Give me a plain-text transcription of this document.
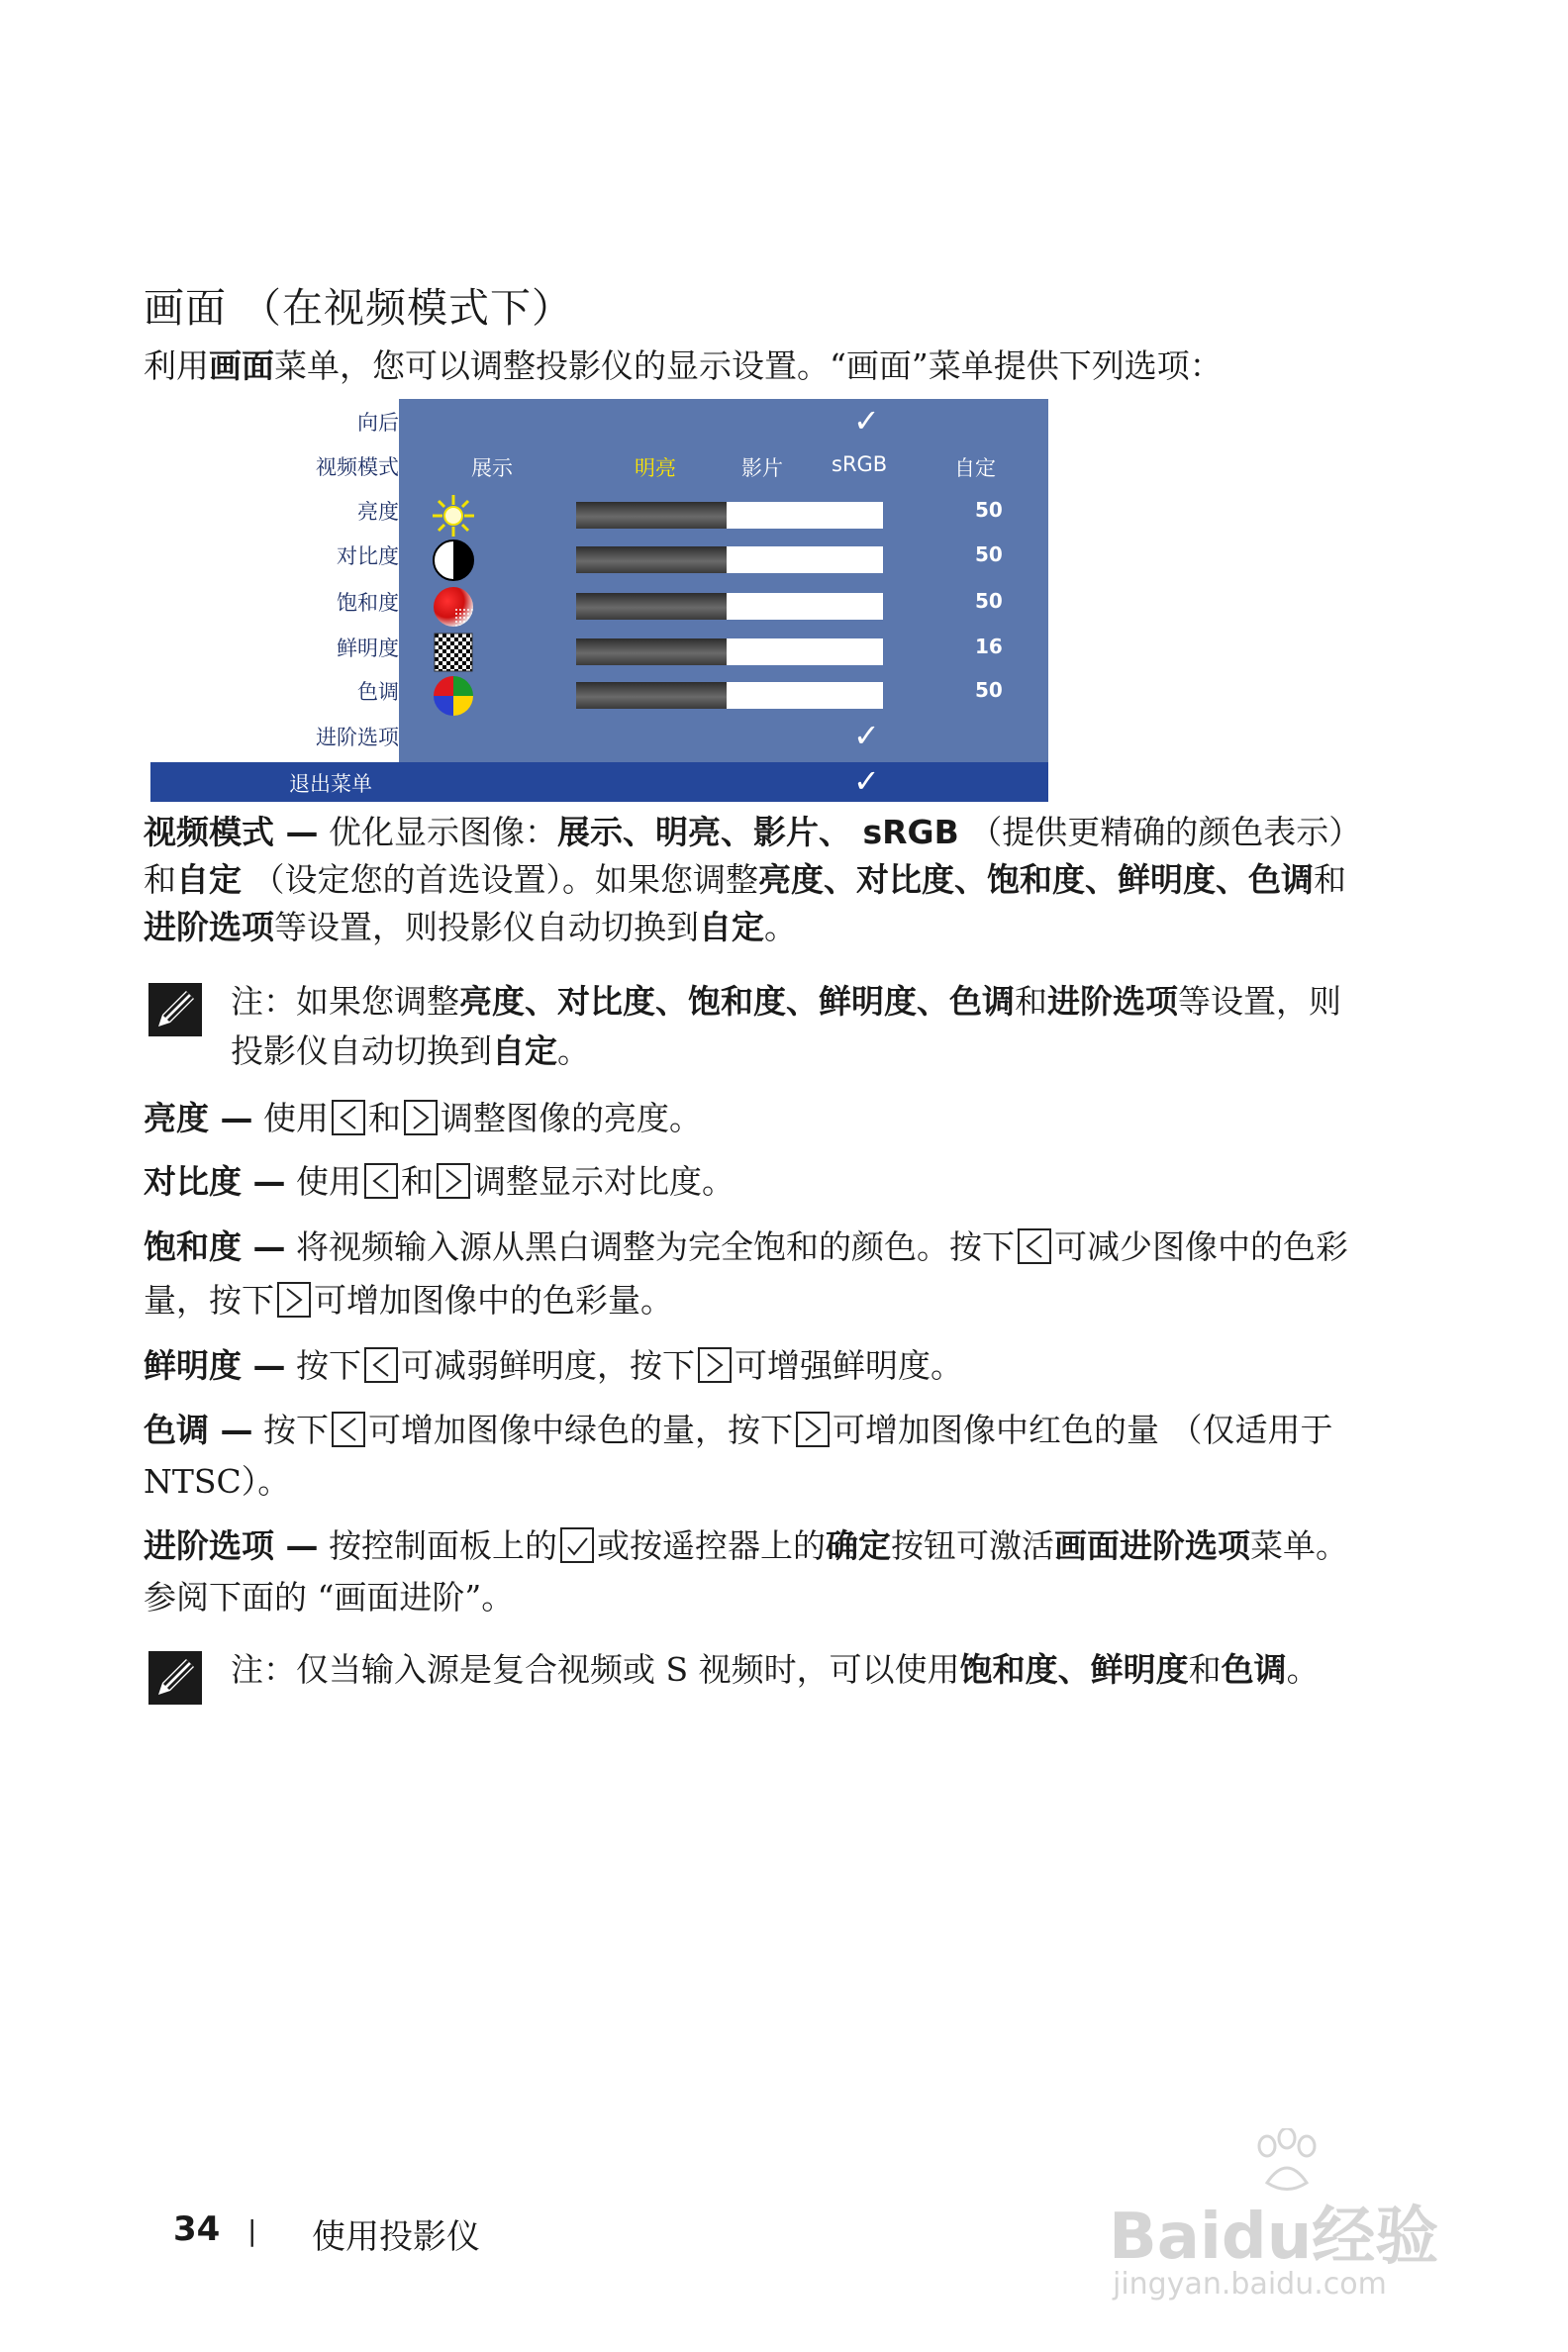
画面 （在视频模式下）

利用画面菜单，您可以调整投影仪的显示设置。“画面”菜单提供下列选项：

向后	✓
视频模式	展示	明亮	影片 sRGB	自定
亮度	50
对比度	50
饱和度	50
鲜明度	16
色调	50
进阶选项	✓
退出菜单	✓

视频模式 — 优化显示图像：展示、明亮、影片、 sRGB （提供更精确的颜色表示）和自定 （设定您的首选设置）。如果您调整亮度、对比度、饱和度、鲜明度、色调和进阶选项等设置，则投影仪自动切换到自定。

注：如果您调整亮度、对比度、饱和度、鲜明度、色调和进阶选项等设置，则投影仪自动切换到自定。

亮度 — 使用 和 调整图像的亮度。

对比度 — 使用 和 调整显示对比度。

饱和度 — 将视频输入源从黑白调整为完全饱和的颜色。按下 可减少图像中的色彩量，按下 可增加图像中的色彩量。

鲜明度 — 按下 可减弱鲜明度，按下 可增强鲜明度。

色调 — 按下 可增加图像中绿色的量，按下 可增加图像中红色的量 （仅适用于 NTSC）。

进阶选项 — 按控制面板上的 或按遥控器上的确定按钮可激活画面进阶选项菜单。参阅下面的 “画面进阶”。

注：仅当输入源是复合视频或 S 视频时，可以使用饱和度、鲜明度和色调。

34 | 使用投影仪	Baidu经验
jingyan.baidu.com
